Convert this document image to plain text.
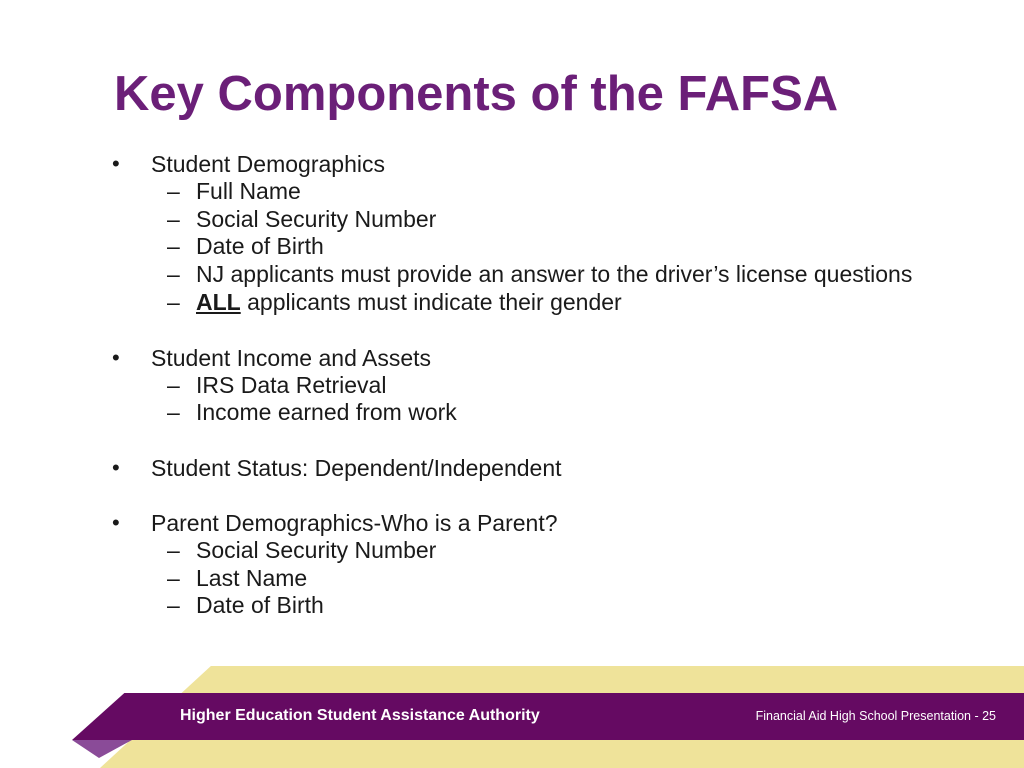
Key Components of the FAFSA
• Student Demographics
– Full Name
– Social Security Number
– Date of Birth
– NJ applicants must provide an answer to the driver’s license questions
– ALL applicants must indicate their gender
• Student Income and Assets
– IRS Data Retrieval
– Income earned from work
• Student Status: Dependent/Independent
• Parent Demographics-Who is a Parent?
– Social Security Number
– Last Name
– Date of Birth
Higher Education Student Assistance Authority	Financial Aid High School Presentation - 25
